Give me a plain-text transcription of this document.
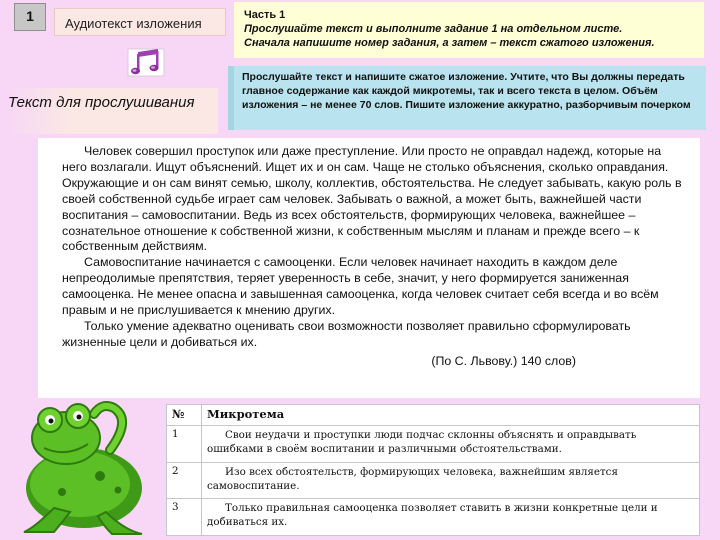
1	Аудиотекст изложения
Часть 1
Прослушайте текст и выполните задание 1 на отдельном листе.
Сначала напишите номер задания, а затем – текст сжатого изложения.
Текст для прослушивания
Прослушайте текст и напишите сжатое изложение. Учтите, что Вы должны передать главное содержание как каждой микротемы, так и всего текста в целом. Объём изложения – не менее 70 слов. Пишите изложение аккуратно, разборчивым почерком

Человек совершил проступок или даже преступление. Или просто не оправдал надежд, которые на него возлагали. Ищут объяснений. Ищет их и он сам. Чаще не столько объяснения, сколько оправдания. Окружающие и он сам винят семью, школу, коллектив, обстоятельства. Не следует забывать, какую роль в своей собственной судьбе играет сам человек. Забывать о важной, а может быть, важнейшей части воспитания – самовоспитании. Ведь из всех обстоятельств, формирующих человека, важнейшее – сознательное отношение к собственной жизни, к собственным мыслям и планам и прежде всего – к собственным действиям.

Самовоспитание начинается с самооценки. Если человек начинает находить в каждом деле непреодолимые препятствия, теряет уверенность в себе, значит, у него формируется заниженная самооценка. Не менее опасна и завышенная самооценка, когда человек считает себя всегда и во всём правым и не прислушивается к мнению других.

Только умение адекватно оценивать свои возможности позволяет правильно сформулировать жизненные цели и добиваться их.

(По С. Львову.) 140 слов)

№	Микротема
1	Свои неудачи и проступки люди подчас склонны объяснять и оправдывать ошибками в своём воспитании и различными обстоятельствами.
2	Изо всех обстоятельств, формирующих человека, важнейшим является самовоспитание.
3	Только правильная самооценка позволяет ставить в жизни конкретные цели и добиваться их.
